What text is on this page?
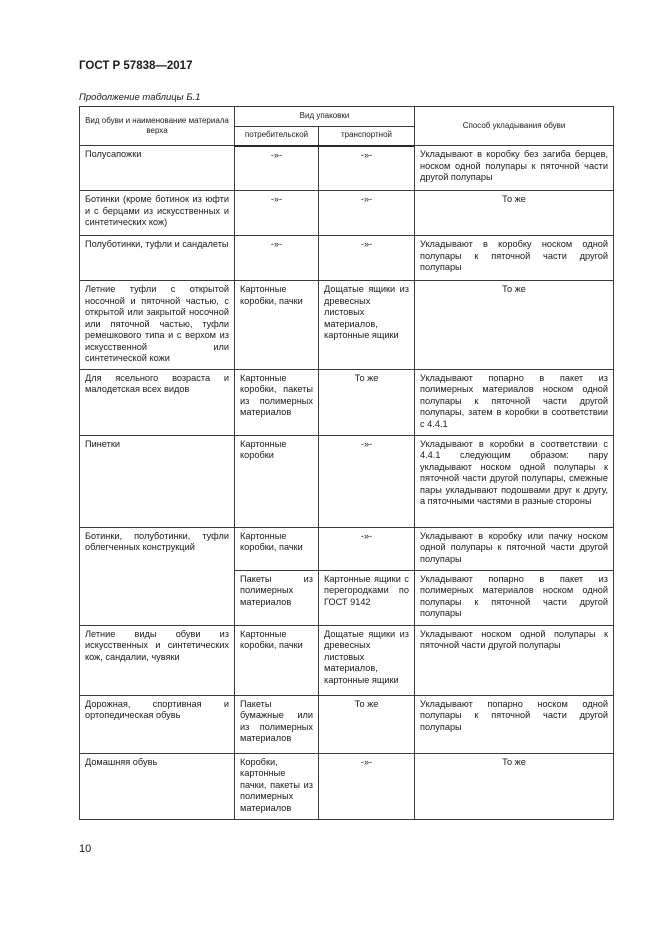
ГОСТ Р 57838—2017
Продолжение таблицы Б.1
Вид обуви и наименование материала верха	Вид упаковки		Способ укладывания обуви
	потребительской	транспортной	
Полусапожки	-»-	-»-	Укладывают в коробку без загиба берцев, носком одной полупары к пяточной части другой полупары
Ботинки (кроме ботинок из юфти и с берцами из искусственных и синтетических кож)	-»-	-»-	То же
Полуботинки, туфли и сандалеты	-»-	-»-	Укладывают в коробку носком одной полупары к пяточной части другой полупары
Летние туфли с открытой носочной и пяточной частью, с открытой или закрытой носочной или пяточной частью, туфли ремешкового типа и с верхом из искусственной или синтетической кожи	Картонные коробки, пачки	Дощатые ящики из древесных листовых материалов, картонные ящики	То же
Для ясельного возраста и малодетская всех видов	Картонные коробки, пакеты из полимерных материалов	То же	Укладывают попарно в пакет из полимерных материалов носком одной полупары к пяточной части другой полупары, затем в коробки в соответствии с 4.4.1
Пинетки	Картонные коробки	-»-	Укладывают в коробки в соответствии с 4.4.1 следующим образом: пару укладывают носком одной полупары к пяточной части другой полупары, смежные пары укладывают подошвами друг к другу, а пяточными частями в разные стороны
Ботинки, полуботинки, туфли облегченных конструкций	Картонные коробки, пачки	-»-	Укладывают в коробку или пачку носком одной полупары к пяточной части другой полупары
	Пакеты из полимерных материалов	Картонные ящики с перегородками по ГОСТ 9142	Укладывают попарно в пакет из полимерных материалов носком одной полупары к пяточной части другой полупары
Летние виды обуви из искусственных и синтетических кож, сандалии, чувяки	Картонные коробки, пачки	Дощатые ящики из древесных листовых материалов, картонные ящики	Укладывают носком одной полупары к пяточной части другой полупары
Дорожная, спортивная и ортопедическая обувь	Пакеты бумажные или из полимерных материалов	То же	Укладывают попарно носком одной полупары к пяточной части другой полупары
Домашняя обувь	Коробки, картонные пачки, пакеты из полимерных материалов	-»-	То же
10
